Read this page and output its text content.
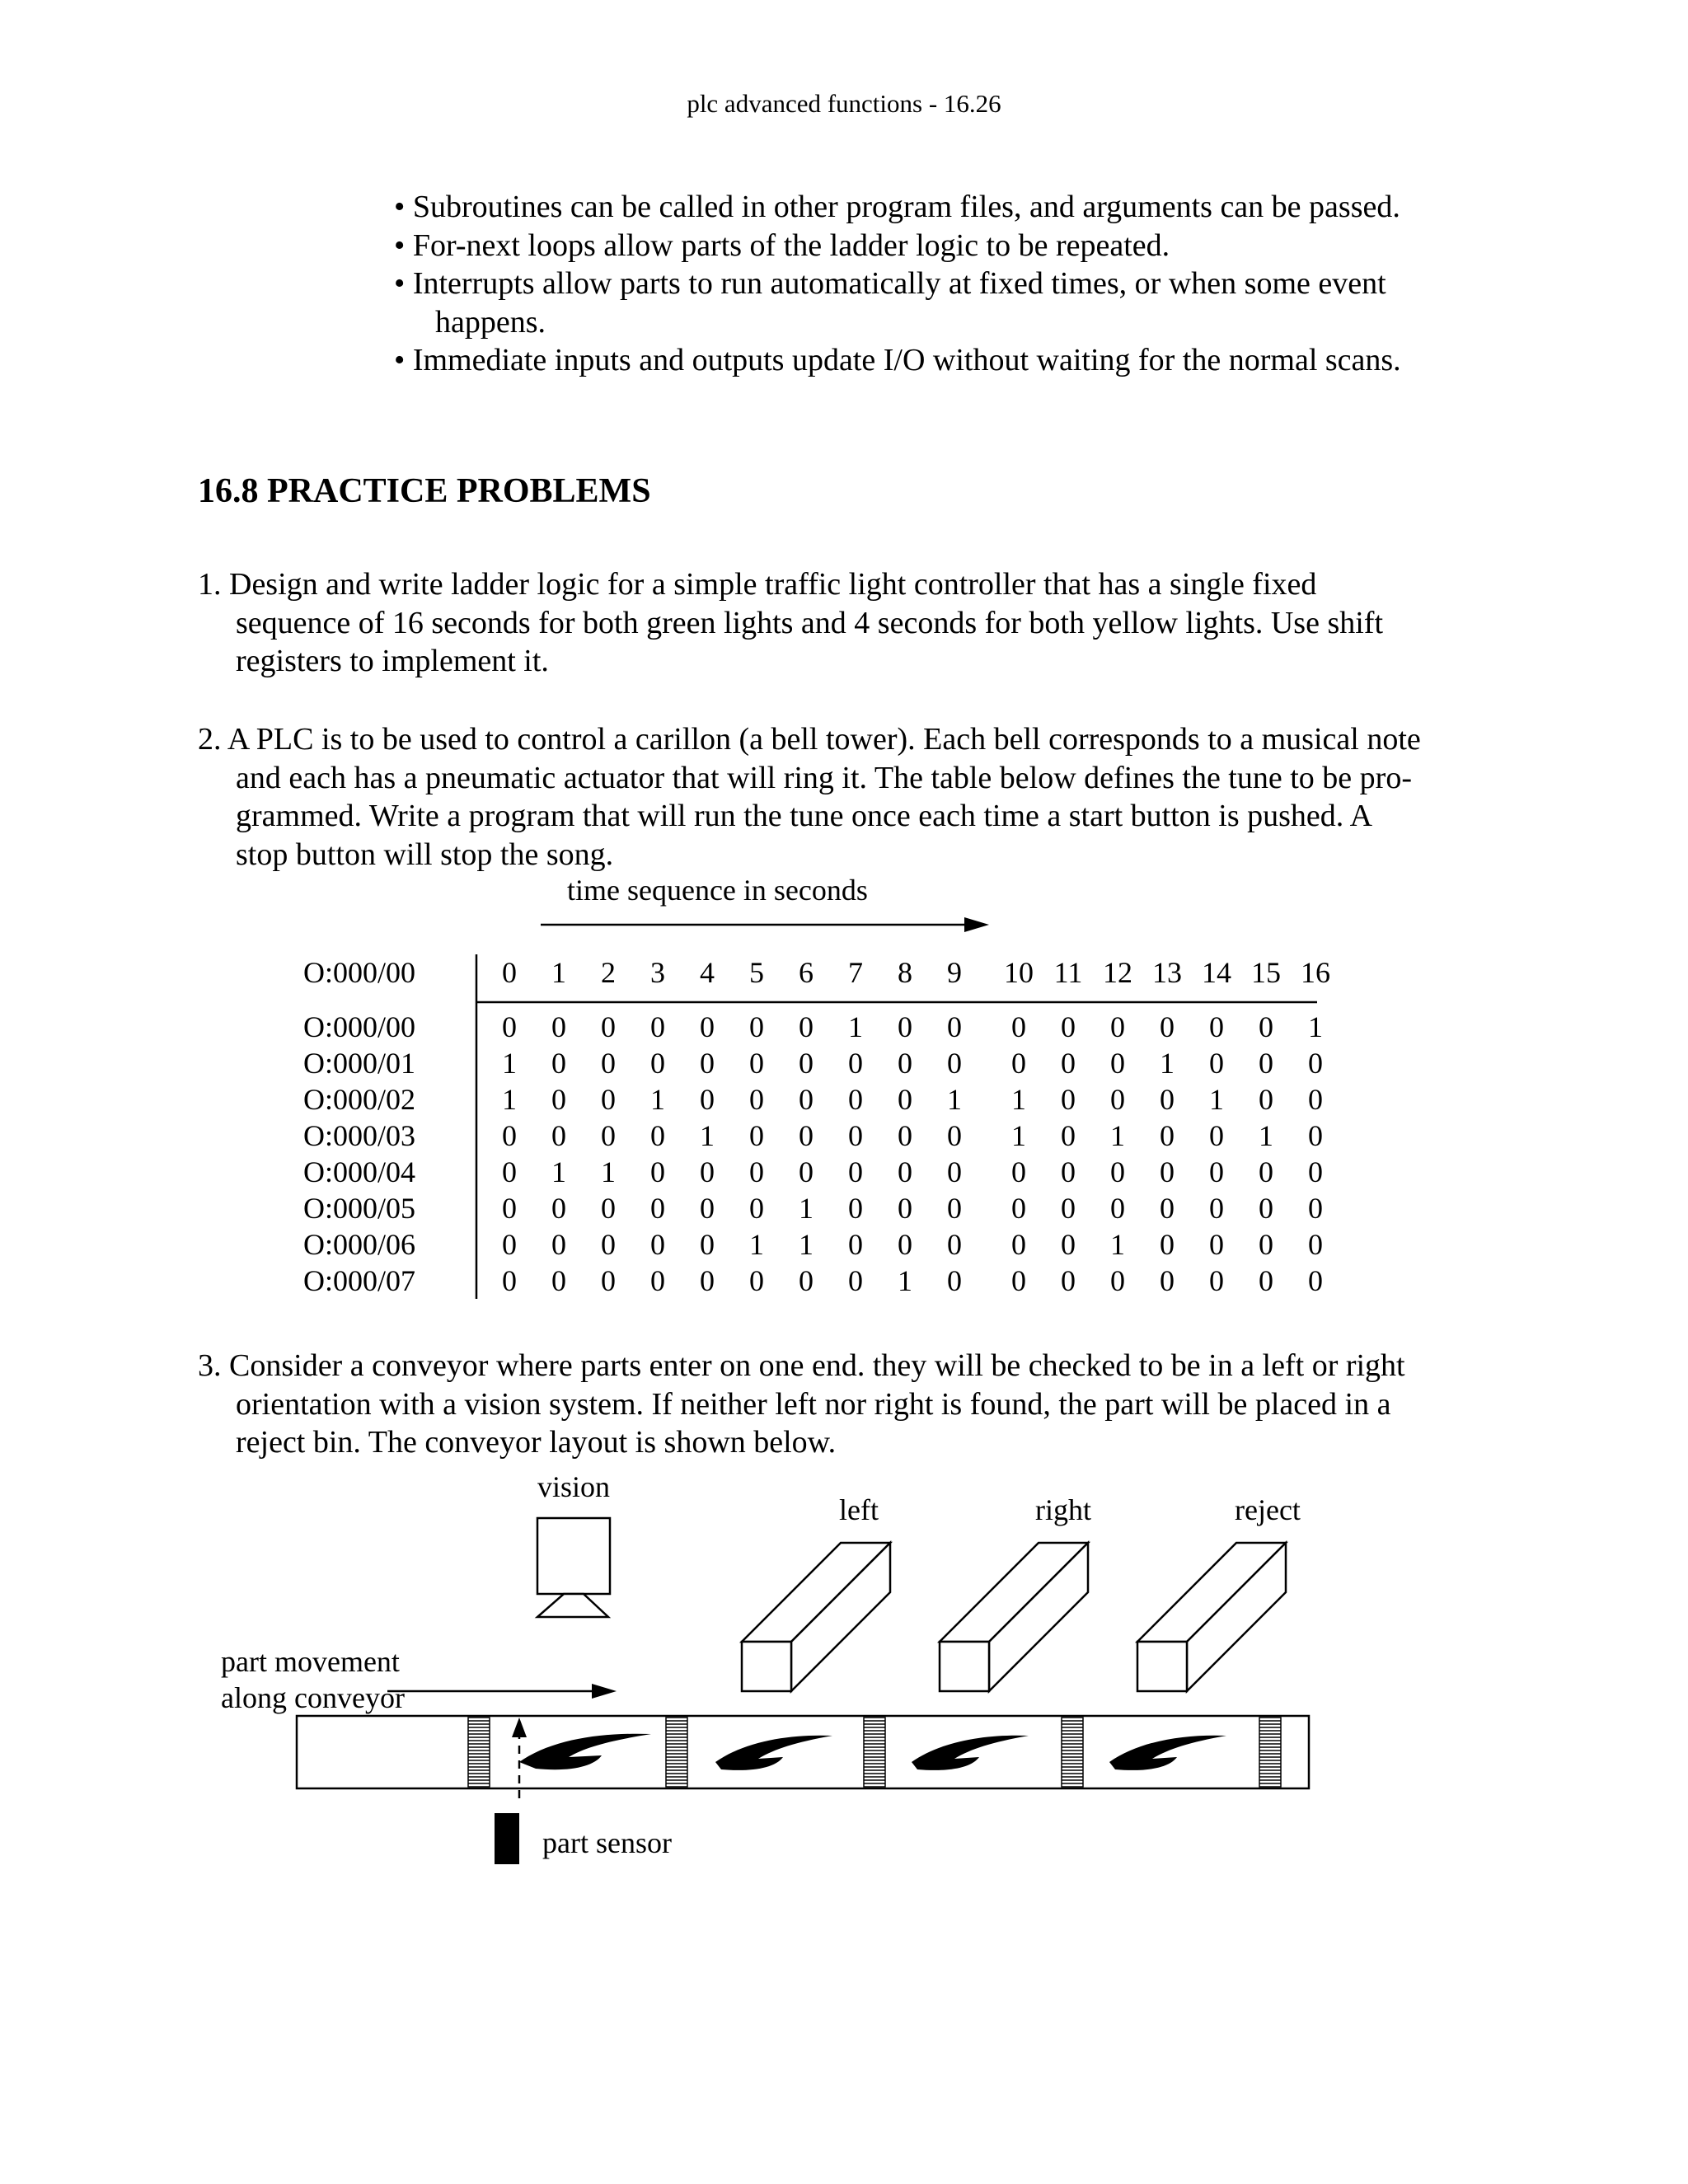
plc advanced functions - 16.26
• Subroutines can be called in other program files, and arguments can be passed.
• For-next loops allow parts of the ladder logic to be repeated.
• Interrupts allow parts to run automatically at fixed times, or when some event
happens.
• Immediate inputs and outputs update I/O without waiting for the normal scans.
16.8 PRACTICE PROBLEMS
1. Design and write ladder logic for a simple traffic light controller that has a single fixed
sequence of 16 seconds for both green lights and 4 seconds for both yellow lights. Use shift
registers to implement it.
2. A PLC is to be used to control a carillon (a bell tower). Each bell corresponds to a musical note
and each has a pneumatic actuator that will ring it. The table below defines the tune to be pro-
grammed. Write a program that will run the tune once each time a start button is pushed. A
stop button will stop the song.
time sequence in seconds
O:000/00	0	1	2	3	4	5	6	7	8	9	10 11 12 13 14 15 16
O:000/00	0	0	0	0	0	0	0	1	0	0	0	0	0	0	0	0	1
O:000/01	1	0	0	0	0	0	0	0	0	0	0	0	0	1	0	0	0
O:000/02	1	0	0	1	0	0	0	0	0	1	1	0	0	0	1	0	0
O:000/03	0	0	0	0	1	0	0	0	0	0	1	0	1	0	0	1	0
O:000/04	0	1	1	0	0	0	0	0	0	0	0	0	0	0	0	0	0
O:000/05	0	0	0	0	0	0	1	0	0	0	0	0	0	0	0	0	0
O:000/06	0	0	0	0	0	1	1	0	0	0	0	0	1	0	0	0	0
O:000/07	0	0	0	0	0	0	0	0	1	0	0	0	0	0	0	0	0
3. Consider a conveyor where parts enter on one end. they will be checked to be in a left or right
orientation with a vision system. If neither left nor right is found, the part will be placed in a
reject bin. The conveyor layout is shown below.
vision
left	right	reject
part movement
along conveyor
part sensor
